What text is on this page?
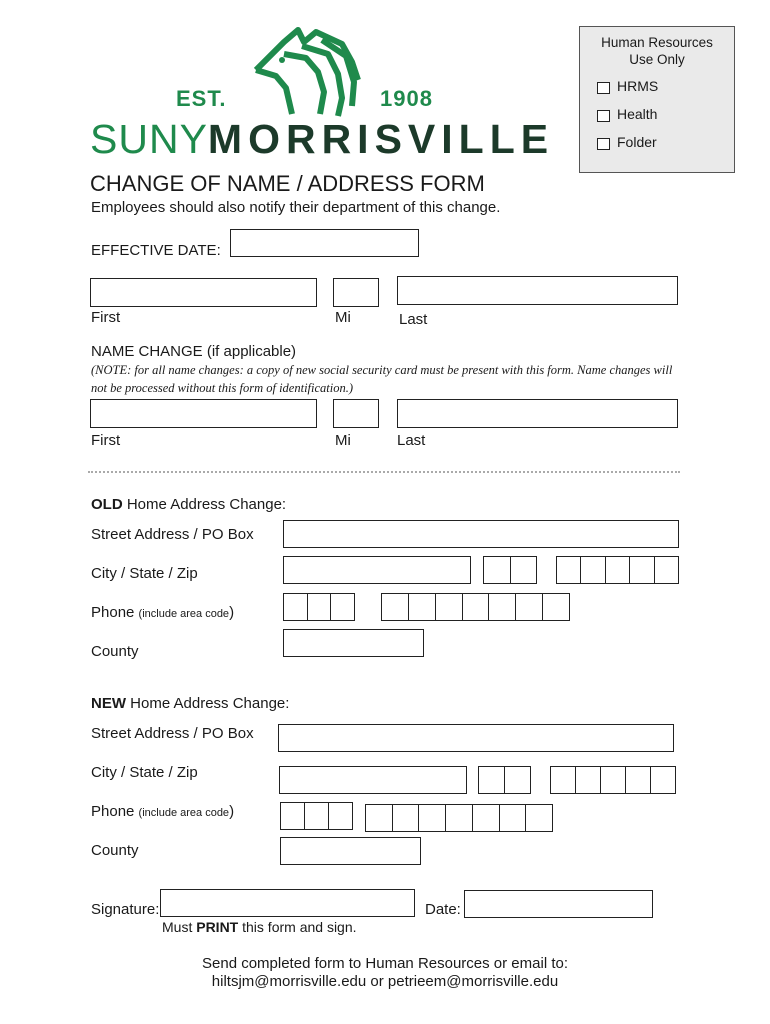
EST.	1908
SUNYMORRISVILLE
Human Resources
Use Only
HRMS
Health
Folder
CHANGE OF NAME / ADDRESS FORM
Employees should also notify their department of this change.
EFFECTIVE DATE:
First	Mi	Last
NAME CHANGE (if applicable)
(NOTE: for all name changes: a copy of new social security card must be present with this form. Name changes will not be processed without this form of identification.)
First	Mi	Last
OLD Home Address Change:
Street Address / PO Box
City / State / Zip
Phone (include area code)
County
NEW Home Address Change:
Street Address / PO Box
City / State / Zip
Phone (include area code)
County
Signature:	Date:
Must PRINT this form and sign.
Send completed form to Human Resources or email to:
hiltsjm@morrisville.edu or petrieem@morrisville.edu
